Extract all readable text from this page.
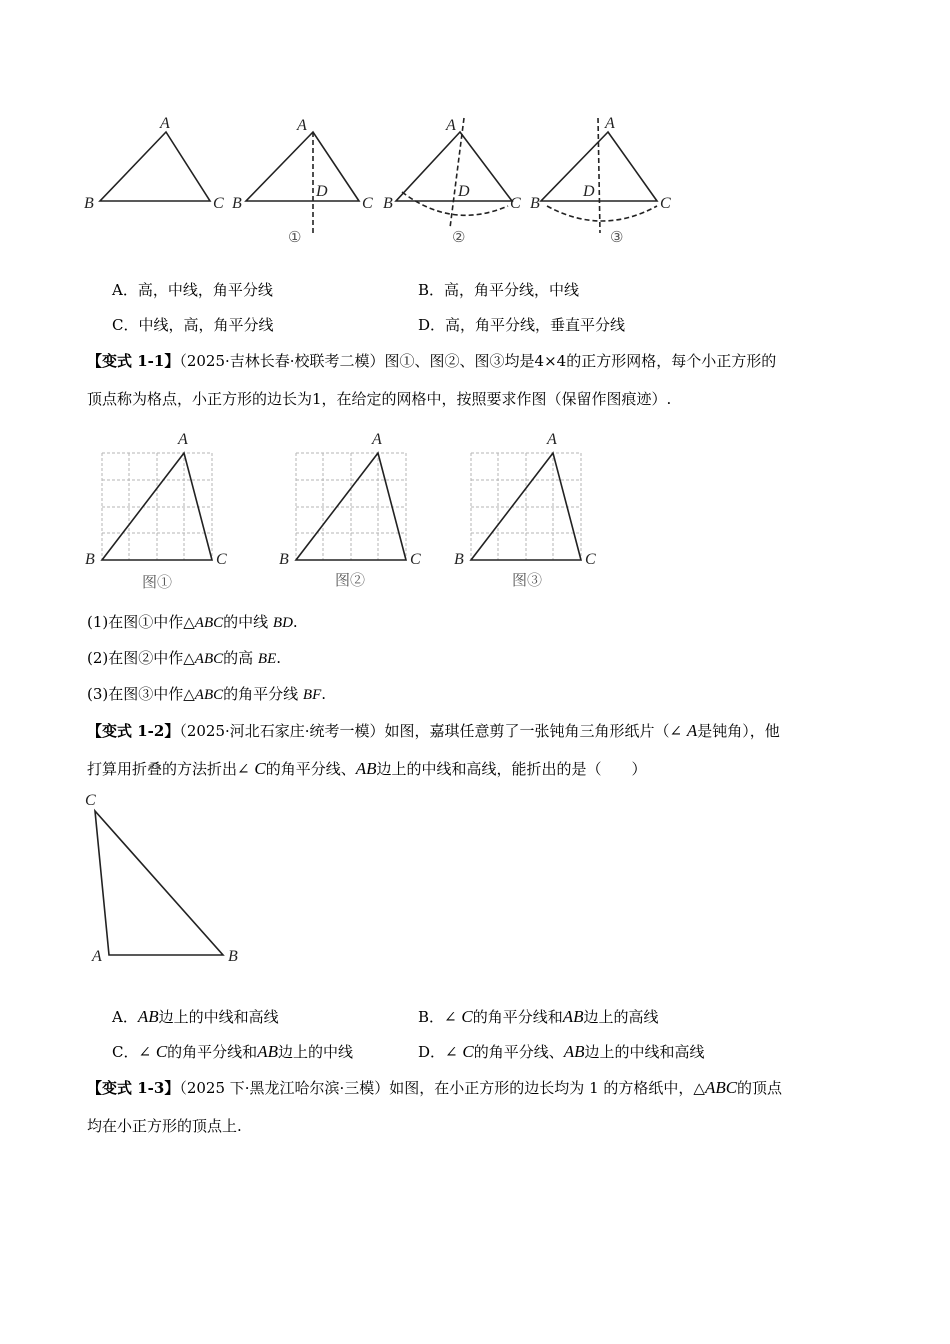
A
B	C
A
B	C
D
A
B	C
D
A
B	C
D
①	②	③
A．高，中线，角平分线	B．高，角平分线，中线
C．中线，高，角平分线	D．高，角平分线，垂直平分线
【变式 1-1】（2025·吉林长春·校联考二模）图①、图②、图③均是4×4的正方形网格，每个小正方形的
顶点称为格点，小正方形的边长为1，在给定的网格中，按照要求作图（保留作图痕迹）.
A
B	C
A
B	C
A
B	C
图①	图②	图③
(1)在图①中作△ABC的中线 BD.
(2)在图②中作△ABC的高 BE.
(3)在图③中作△ABC的角平分线 BF.
【变式 1-2】（2025·河北石家庄·统考一模）如图，嘉琪任意剪了一张钝角三角形纸片（∠ A是钝角），他
打算用折叠的方法折出∠ C的角平分线、AB边上的中线和高线，能折出的是（　　）
C
A	B
A．AB边上的中线和高线	B．∠ C的角平分线和AB边上的高线
C．∠ C的角平分线和AB边上的中线	D．∠ C的角平分线、AB边上的中线和高线
【变式 1-3】（2025 下·黑龙江哈尔滨·三模）如图，在小正方形的边长均为 1 的方格纸中，△ABC的顶点
均在小正方形的顶点上.
